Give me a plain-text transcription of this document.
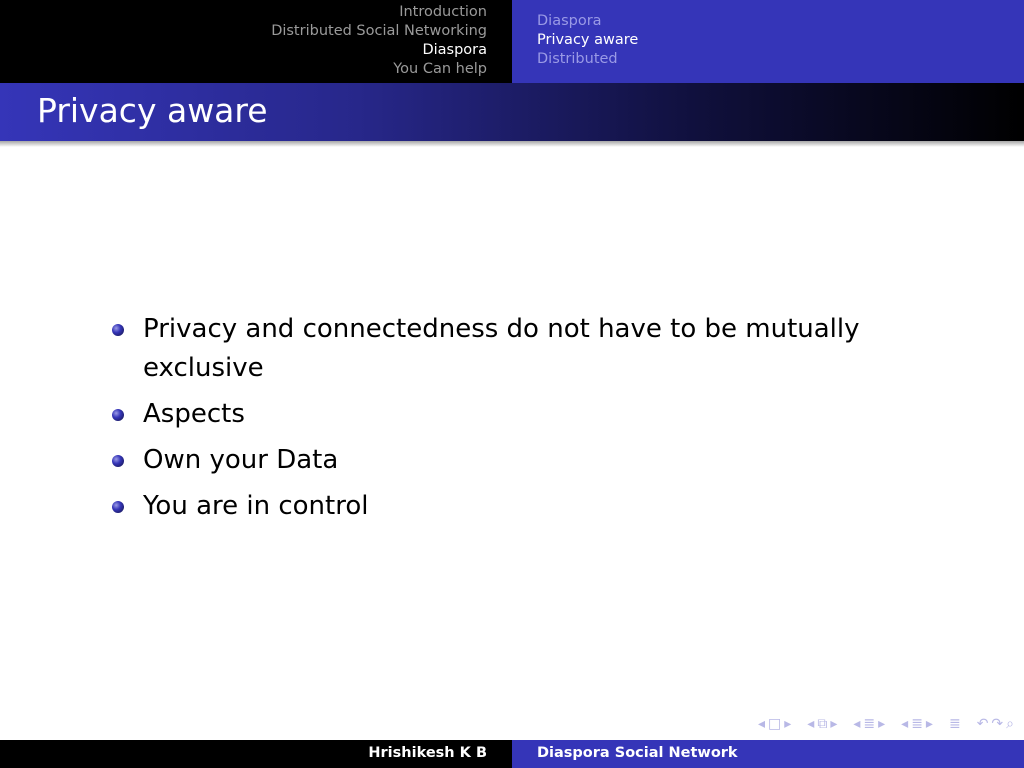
Introduction
Distributed Social Networking
Diaspora
You Can help
Diaspora
Privacy aware
Distributed
Privacy aware
Privacy and connectedness do not have to be mutually exclusive
Aspects
Own your Data
You are in control
◂ □ ▸ ◂ ⧉ ▸ ◂ ≣ ▸ ◂ ≣ ▸ ≣ ↶ ↷ ⌕
Hrishikesh K B	Diaspora Social Network
